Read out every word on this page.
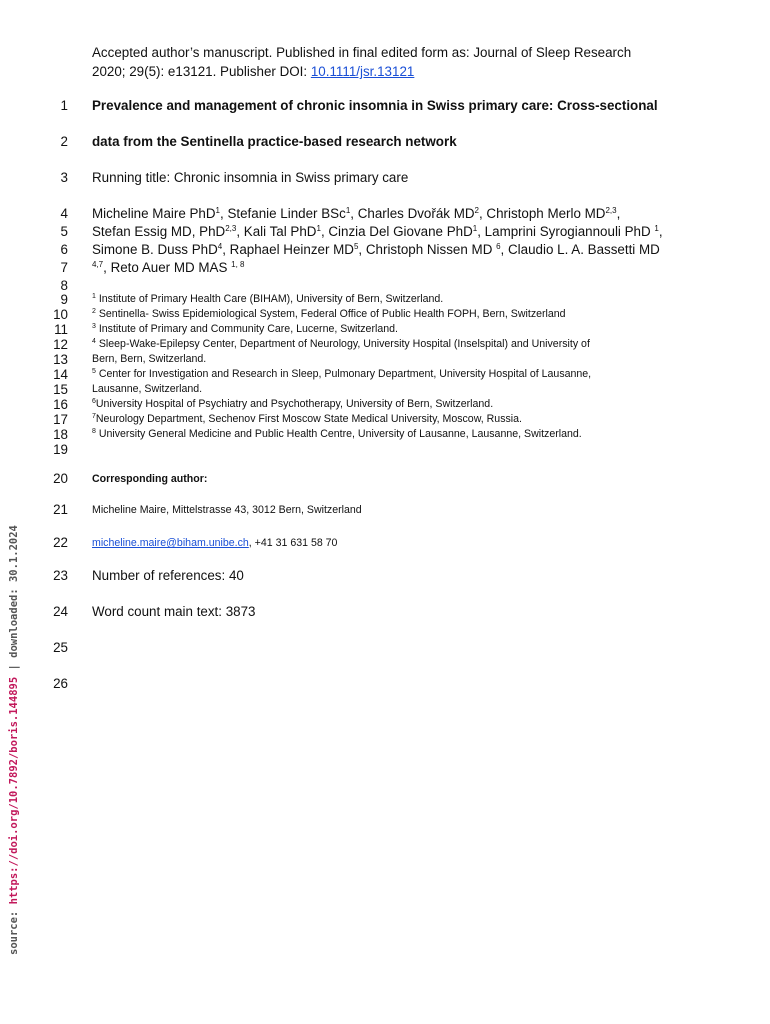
Accepted author’s manuscript. Published in final edited form as: Journal of Sleep Research
2020; 29(5): e13121. Publisher DOI: 10.1111/jsr.13121
1
2
3
4
5
6
7
8
9
10
11
12
13
14
15
16
17
18
19
20
21
22
23
24
25
26
Prevalence and management of chronic insomnia in Swiss primary care: Cross-sectional
data from the Sentinella practice-based research network
Running title: Chronic insomnia in Swiss primary care
Micheline Maire PhD$^1$, Stefanie Linder BSc$^1$, Charles Dvořák $MD^2$, Christoph Merlo MD$^{2,3}$,
Stefan Essig MD, PhD$^{2,3}$, Kali Tal PhD$^1$, Cinzia Del Giovane PhD$^1$, Lamprini Syrogiannouli PhD $^1$,
Simone B. Duss PhD$^4$, Raphael Heinzer $MD^5$, Christoph Nissen MD $^6$, Claudio L. A. Bassetti MD
$^{4,7}$, Reto Auer MD MAS $^{1, 8}$
$^1$ Institute of Primary Health Care (BIHAM), University of Bern, Switzerland.
$^2$ Sentinella- Swiss Epidemiological System, Federal Office of Public Health FOPH, Bern, Switzerland
$^3$ Institute of Primary and Community Care, Lucerne, Switzerland.
$^4$ Sleep-Wake-Epilepsy Center, Department of Neurology, University Hospital (Inselspital) and University of
Bern, Bern, Switzerland.
$^5$ Center for Investigation and Research in Sleep, Pulmonary Department, University Hospital of Lausanne,
Lausanne, Switzerland.
$^6$University Hospital of Psychiatry and Psychotherapy, University of Bern, Switzerland.
$^7$Neurology Department, Sechenov First Moscow State Medical University, Moscow, Russia.
$^8$ University General Medicine and Public Health Centre, University of Lausanne, Lausanne, Switzerland.
Corresponding author:
Micheline Maire, Mittelstrasse 43, 3012 Bern, Switzerland
micheline.maire@biham.unibe.ch, +41 31 631 58 70
Number of references: 40
Word count main text: 3873
source: https://doi.org/10.7892/boris.144895 | downloaded: 30.1.2024
